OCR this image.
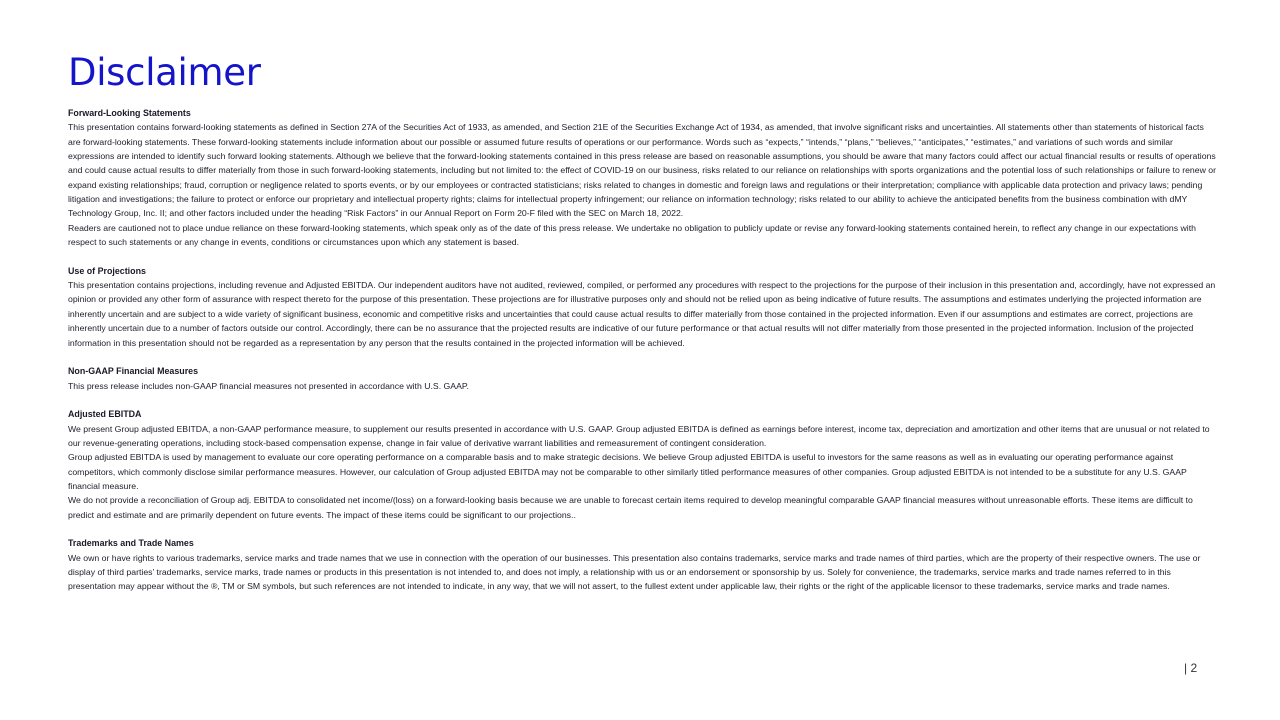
Disclaimer

Forward-Looking Statements

This presentation contains forward-looking statements as defined in Section 27A of the Securities Act of 1933, as amended, and Section 21E of the Securities Exchange Act of 1934, as amended, that involve significant risks and uncertainties. All statements other than statements of historical facts are forward-looking statements. These forward-looking statements include information about our possible or assumed future results of operations or our performance. Words such as “expects,” “intends,” “plans,” “believes,” “anticipates,” “estimates,” and variations of such words and similar expressions are intended to identify such forward looking statements. Although we believe that the forward-looking statements contained in this press release are based on reasonable assumptions, you should be aware that many factors could affect our actual financial results or results of operations and could cause actual results to differ materially from those in such forward-looking statements, including but not limited to: the effect of COVID-19 on our business, risks related to our reliance on relationships with sports organizations and the potential loss of such relationships or failure to renew or expand existing relationships; fraud, corruption or negligence related to sports events, or by our employees or contracted statisticians; risks related to changes in domestic and foreign laws and regulations or their interpretation; compliance with applicable data protection and privacy laws; pending litigation and investigations; the failure to protect or enforce our proprietary and intellectual property rights; claims for intellectual property infringement; our reliance on information technology; risks related to our ability to achieve the anticipated benefits from the business combination with dMY Technology Group, Inc. II; and other factors included under the heading “Risk Factors” in our Annual Report on Form 20-F filed with the SEC on March 18, 2022.

Readers are cautioned not to place undue reliance on these forward-looking statements, which speak only as of the date of this press release. We undertake no obligation to publicly update or revise any forward-looking statements contained herein, to reflect any change in our expectations with respect to such statements or any change in events, conditions or circumstances upon which any statement is based.

Use of Projections

This presentation contains projections, including revenue and Adjusted EBITDA. Our independent auditors have not audited, reviewed, compiled, or performed any procedures with respect to the projections for the purpose of their inclusion in this presentation and, accordingly, have not expressed an opinion or provided any other form of assurance with respect thereto for the purpose of this presentation. These projections are for illustrative purposes only and should not be relied upon as being indicative of future results. The assumptions and estimates underlying the projected information are inherently uncertain and are subject to a wide variety of significant business, economic and competitive risks and uncertainties that could cause actual results to differ materially from those contained in the projected information. Even if our assumptions and estimates are correct, projections are inherently uncertain due to a number of factors outside our control. Accordingly, there can be no assurance that the projected results are indicative of our future performance or that actual results will not differ materially from those presented in the projected information. Inclusion of the projected information in this presentation should not be regarded as a representation by any person that the results contained in the projected information will be achieved.

Non-GAAP Financial Measures

This press release includes non-GAAP financial measures not presented in accordance with U.S. GAAP.

Adjusted EBITDA

We present Group adjusted EBITDA, a non-GAAP performance measure, to supplement our results presented in accordance with U.S. GAAP. Group adjusted EBITDA is defined as earnings before interest, income tax, depreciation and amortization and other items that are unusual or not related to our revenue-generating operations, including stock-based compensation expense, change in fair value of derivative warrant liabilities and remeasurement of contingent consideration.

Group adjusted EBITDA is used by management to evaluate our core operating performance on a comparable basis and to make strategic decisions. We believe Group adjusted EBITDA is useful to investors for the same reasons as well as in evaluating our operating performance against competitors, which commonly disclose similar performance measures. However, our calculation of Group adjusted EBITDA may not be comparable to other similarly titled performance measures of other companies. Group adjusted EBITDA is not intended to be a substitute for any U.S. GAAP financial measure.

We do not provide a reconciliation of Group adj. EBITDA to consolidated net income/(loss) on a forward-looking basis because we are unable to forecast certain items required to develop meaningful comparable GAAP financial measures without unreasonable efforts. These items are difficult to predict and estimate and are primarily dependent on future events. The impact of these items could be significant to our projections..

Trademarks and Trade Names

We own or have rights to various trademarks, service marks and trade names that we use in connection with the operation of our businesses. This presentation also contains trademarks, service marks and trade names of third parties, which are the property of their respective owners. The use or display of third parties’ trademarks, service marks, trade names or products in this presentation is not intended to, and does not imply, a relationship with us or an endorsement or sponsorship by us. Solely for convenience, the trademarks, service marks and trade names referred to in this presentation may appear without the ®, TM or SM symbols, but such references are not intended to indicate, in any way, that we will not assert, to the fullest extent under applicable law, their rights or the right of the applicable licensor to these trademarks, service marks and trade names.

| 2
